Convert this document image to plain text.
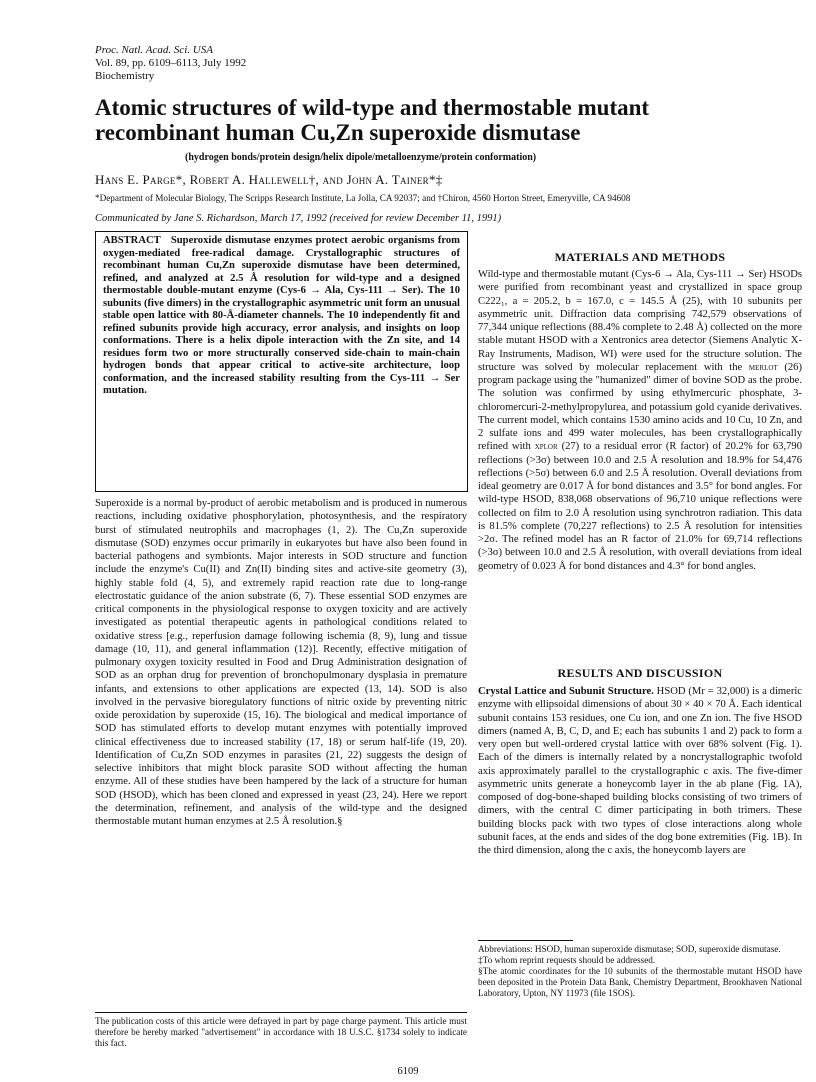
Proc. Natl. Acad. Sci. USA
Vol. 89, pp. 6109–6113, July 1992
Biochemistry
Atomic structures of wild-type and thermostable mutant recombinant human Cu,Zn superoxide dismutase
(hydrogen bonds/protein design/helix dipole/metalloenzyme/protein conformation)
Hans E. Parge*, Robert A. Hallewell†, and John A. Tainer*‡
*Department of Molecular Biology, The Scripps Research Institute, La Jolla, CA 92037; and †Chiron, 4560 Horton Street, Emeryville, CA 94608
Communicated by Jane S. Richardson, March 17, 1992 (received for review December 11, 1991)

ABSTRACT Superoxide dismutase enzymes protect aerobic organisms from oxygen-mediated free-radical damage. Crystallographic structures of recombinant human Cu,Zn superoxide dismutase have been determined, refined, and analyzed at 2.5 Å resolution for wild-type and a designed thermostable double-mutant enzyme (Cys-6 → Ala, Cys-111 → Ser). The 10 subunits (five dimers) in the crystallographic asymmetric unit form an unusual stable open lattice with 80-Å-diameter channels. The 10 independently fit and refined subunits provide high accuracy, error analysis, and insights on loop conformations. There is a helix dipole interaction with the Zn site, and 14 residues form two or more structurally conserved side-chain to main-chain hydrogen bonds that appear critical to active-site architecture, loop conformation, and the increased stability resulting from the Cys-111 → Ser mutation.

Superoxide is a normal by-product of aerobic metabolism and is produced in numerous reactions, including oxidative phosphorylation, photosynthesis, and the respiratory burst of stimulated neutrophils and macrophages (1, 2). The Cu,Zn superoxide dismutase (SOD) enzymes occur primarily in eukaryotes but have also been found in bacterial pathogens and symbionts. Major interests in SOD structure and function include the enzyme's Cu(II) and Zn(II) binding sites and active-site geometry (3), highly stable fold (4, 5), and extremely rapid reaction rate due to long-range electrostatic guidance of the anion substrate (6, 7). These essential SOD enzymes are critical components in the physiological response to oxygen toxicity and are actively investigated as potential therapeutic agents in pathological conditions related to oxidative stress [e.g., reperfusion damage following ischemia (8, 9), lung and tissue damage (10, 11), and general inflammation (12)]. Recently, effective mitigation of pulmonary oxygen toxicity resulted in Food and Drug Administration designation of SOD as an orphan drug for prevention of bronchopulmonary dysplasia in premature infants, and extensions to other applications are expected (13, 14). SOD is also involved in the pervasive bioregulatory functions of nitric oxide by preventing nitric oxide peroxidation by superoxide (15, 16). The biological and medical importance of SOD has stimulated efforts to develop mutant enzymes with potentially improved clinical effectiveness due to increased stability (17, 18) or serum half-life (19, 20). Identification of Cu,Zn SOD enzymes in parasites (21, 22) suggests the design of selective inhibitors that might block parasite SOD without affecting the human enzyme. All of these studies have been hampered by the lack of a structure for human SOD (HSOD), which has been cloned and expressed in yeast (23, 24). Here we report the determination, refinement, and analysis of the wild-type and the designed thermostable mutant human enzymes at 2.5 Å resolution.§

MATERIALS AND METHODS

Wild-type and thermostable mutant (Cys-6 → Ala, Cys-111 → Ser) HSODs were purified from recombinant yeast and crystallized in space group C222₁, a = 205.2, b = 167.0, c = 145.5 Å (25), with 10 subunits per asymmetric unit. Diffraction data comprising 742,579 observations of 77,344 unique reflections (88.4% complete to 2.48 Å) collected on the more stable mutant HSOD with a Xentronics area detector (Siemens Analytic X-Ray Instruments, Madison, WI) were used for the structure solution. The structure was solved by molecular replacement with the merlot (26) program package using the "humanized" dimer of bovine SOD as the probe. The solution was confirmed by using ethylmercuric phosphate, 3-chloromercuri-2-methylpropylurea, and potassium gold cyanide derivatives. The current model, which contains 1530 amino acids and 10 Cu, 10 Zn, and 2 sulfate ions and 499 water molecules, has been crystallographically refined with xplor (27) to a residual error (R factor) of 20.2% for 63,790 reflections (>3σ) between 10.0 and 2.5 Å resolution and 18.9% for 54,476 reflections (>5σ) between 6.0 and 2.5 Å resolution. Overall deviations from ideal geometry are 0.017 Å for bond distances and 3.5° for bond angles. For wild-type HSOD, 838,068 observations of 96,710 unique reflections were collected on film to 2.0 Å resolution using synchrotron radiation. This data is 81.5% complete (70,227 reflections) to 2.5 Å resolution for intensities >2σ. The refined model has an R factor of 21.0% for 69,714 reflections (>3σ) between 10.0 and 2.5 Å resolution, with overall deviations from ideal geometry of 0.023 Å for bond distances and 4.3° for bond angles.

RESULTS AND DISCUSSION

Crystal Lattice and Subunit Structure. HSOD (Mr = 32,000) is a dimeric enzyme with ellipsoidal dimensions of about 30 × 40 × 70 Å. Each identical subunit contains 153 residues, one Cu ion, and one Zn ion. The five HSOD dimers (named A, B, C, D, and E; each has subunits 1 and 2) pack to form a very open but well-ordered crystal lattice with over 68% solvent (Fig. 1). Each of the dimers is internally related by a noncrystallographic twofold axis approximately parallel to the crystallographic c axis. The five-dimer asymmetric units generate a honeycomb layer in the ab plane (Fig. 1A), composed of dog-bone-shaped building blocks consisting of two trimers of dimers, with the central C dimer participating in both trimers. These building blocks pack with two types of close interactions along whole subunit faces, at the ends and sides of the dog bone extremities (Fig. 1B). In the third dimension, along the c axis, the honeycomb layers are

Abbreviations: HSOD, human superoxide dismutase; SOD, superoxide dismutase.

‡To whom reprint requests should be addressed.

§The atomic coordinates for the 10 subunits of the thermostable mutant HSOD have been deposited in the Protein Data Bank, Chemistry Department, Brookhaven National Laboratory, Upton, NY 11973 (file 1SOS).

The publication costs of this article were defrayed in part by page charge payment. This article must therefore be hereby marked "advertisement" in accordance with 18 U.S.C. §1734 solely to indicate this fact.

6109
